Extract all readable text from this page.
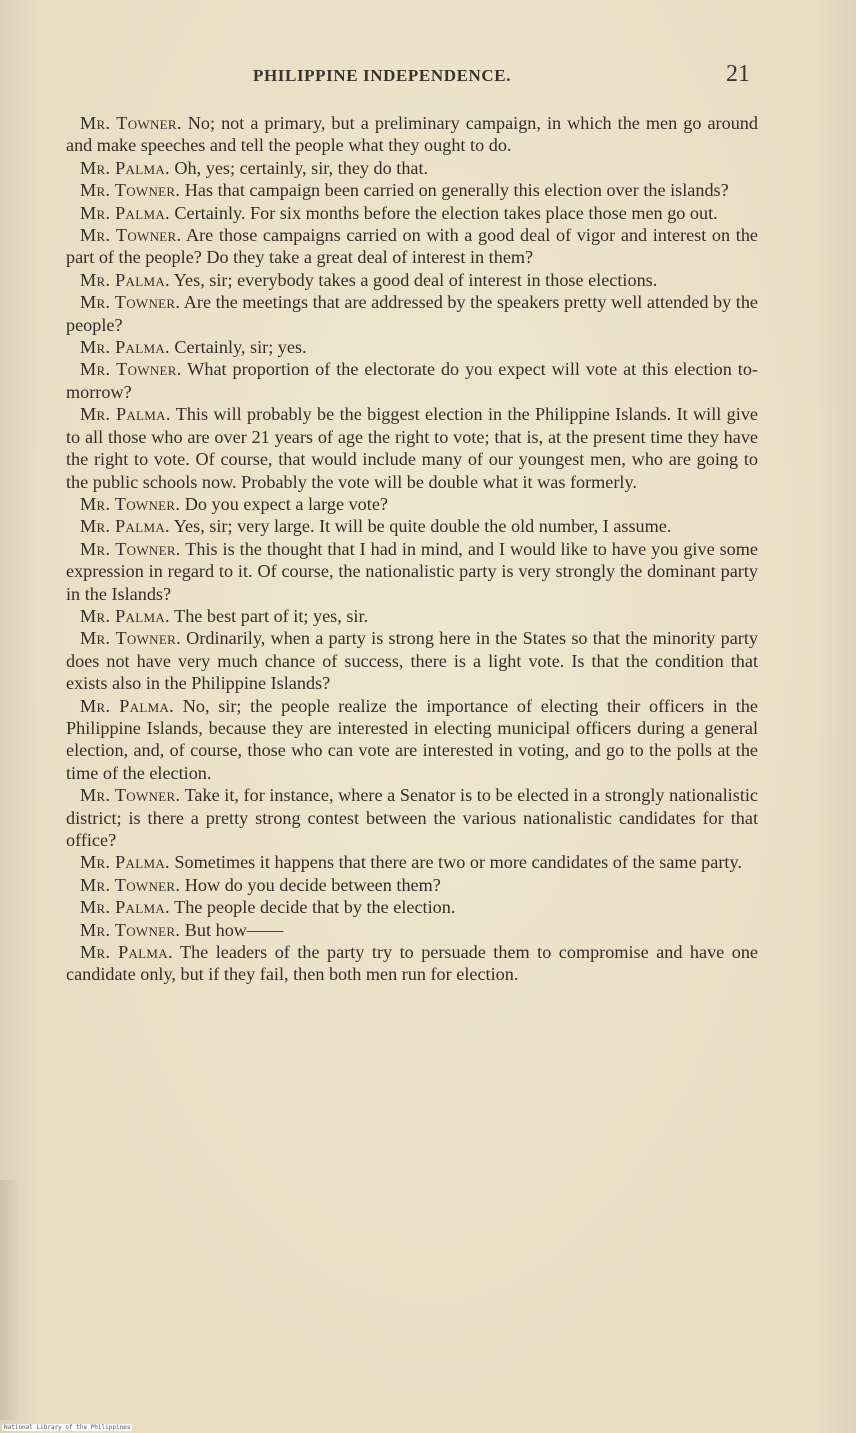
PHILIPPINE INDEPENDENCE.	21

Mr. Towner. No; not a primary, but a preliminary campaign, in which the men go around and make speeches and tell the people what they ought to do.

Mr. Palma. Oh, yes; certainly, sir, they do that.

Mr. Towner. Has that campaign been carried on generally this election over the islands?

Mr. Palma. Certainly. For six months before the election takes place those men go out.

Mr. Towner. Are those campaigns carried on with a good deal of vigor and interest on the part of the people? Do they take a great deal of interest in them?

Mr. Palma. Yes, sir; everybody takes a good deal of interest in those elections.

Mr. Towner. Are the meetings that are addressed by the speakers pretty well attended by the people?

Mr. Palma. Certainly, sir; yes.

Mr. Towner. What proportion of the electorate do you expect will vote at this election to-morrow?

Mr. Palma. This will probably be the biggest election in the Philippine Islands. It will give to all those who are over 21 years of age the right to vote; that is, at the present time they have the right to vote. Of course, that would include many of our youngest men, who are going to the public schools now. Probably the vote will be double what it was formerly.

Mr. Towner. Do you expect a large vote?

Mr. Palma. Yes, sir; very large. It will be quite double the old number, I assume.

Mr. Towner. This is the thought that I had in mind, and I would like to have you give some expression in regard to it. Of course, the nationalistic party is very strongly the dominant party in the Islands?

Mr. Palma. The best part of it; yes, sir.

Mr. Towner. Ordinarily, when a party is strong here in the States so that the minority party does not have very much chance of success, there is a light vote. Is that the condition that exists also in the Philippine Islands?

Mr. Palma. No, sir; the people realize the importance of electing their officers in the Philippine Islands, because they are interested in electing municipal officers during a general election, and, of course, those who can vote are interested in voting, and go to the polls at the time of the election.

Mr. Towner. Take it, for instance, where a Senator is to be elected in a strongly nationalistic district; is there a pretty strong contest between the various nationalistic candidates for that office?

Mr. Palma. Sometimes it happens that there are two or more candidates of the same party.

Mr. Towner. How do you decide between them?

Mr. Palma. The people decide that by the election.

Mr. Towner. But how——

Mr. Palma. The leaders of the party try to persuade them to compromise and have one candidate only, but if they fail, then both men run for election.

National Library of the Philippines
